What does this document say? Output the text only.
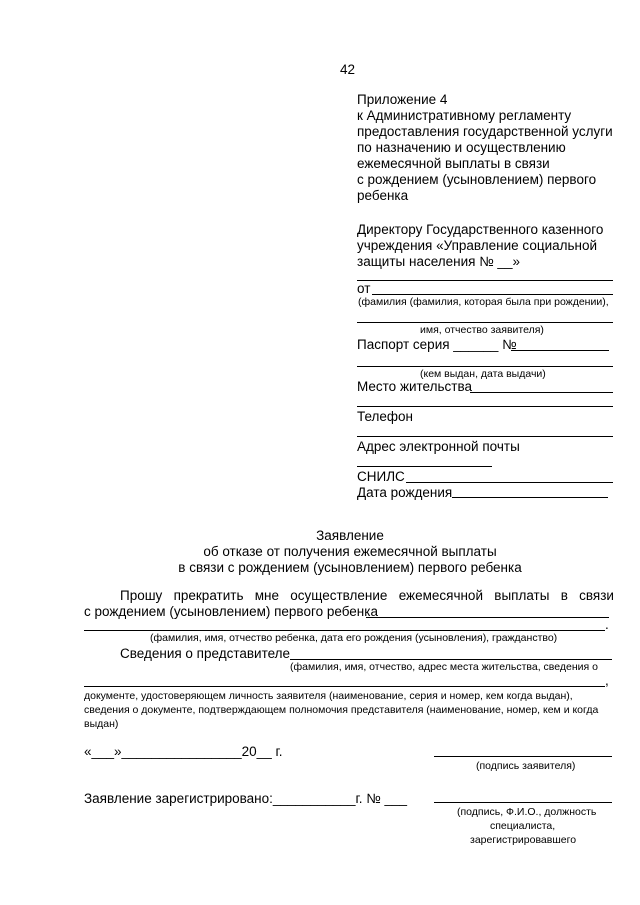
42
Приложение 4
к Административному регламенту
предоставления государственной услуги
по назначению и осуществлению
ежемесячной выплаты в связи
с рождением (усыновлением) первого
ребенка
Директору Государственного казенного
учреждения «Управление социальной
защиты населения № __»
от
(фамилия (фамилия, которая была при рождении),
имя, отчество заявителя)
Паспорт серия ______ №
(кем выдан, дата выдачи)
Место жительства
Телефон
Адрес электронной почты
СНИЛС
Дата рождения
Заявление
об отказе от получения ежемесячной выплаты
в связи с рождением (усыновлением) первого ребенка
Прошу прекратить мне осуществление ежемесячной выплаты в связи
с рождением (усыновлением) первого ребенка
.
(фамилия, имя, отчество ребенка, дата его рождения (усыновления), гражданство)
Сведения о представителе
(фамилия, имя, отчество, адрес места жительства, сведения о
,
документе, удостоверяющем личность заявителя (наименование, серия и номер, кем когда выдан),
сведения о документе, подтверждающем полномочия представителя (наименование, номер, кем и когда
выдан)
«___»________________20__ г.
(подпись заявителя)
Заявление зарегистрировано:___________г. № ___
(подпись, Ф.И.О., должность
специалиста,
зарегистрировавшего
